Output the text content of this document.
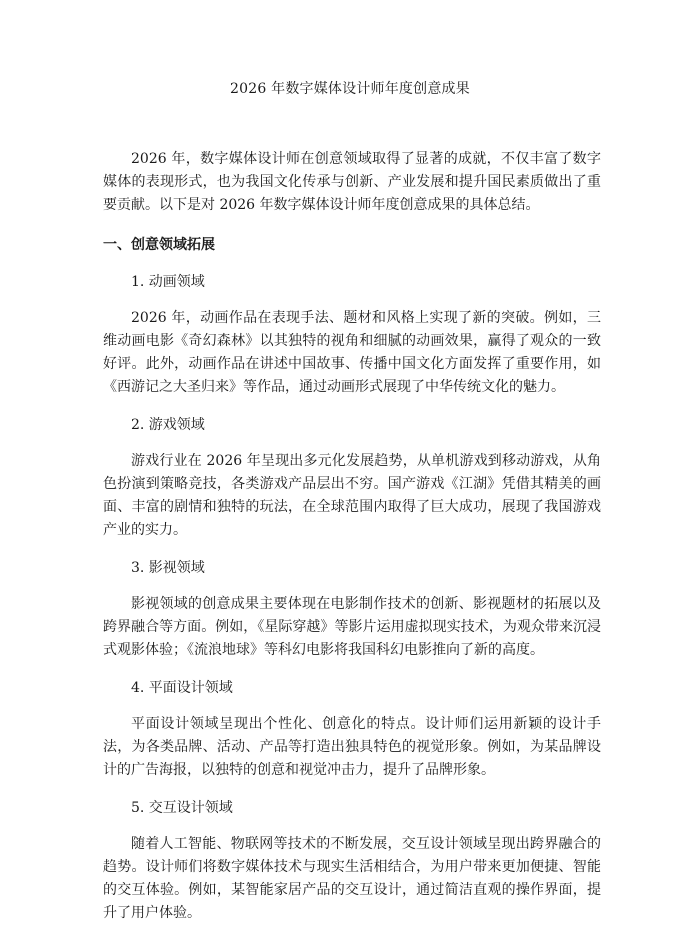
2026 年数字媒体设计师年度创意成果

2026 年，数字媒体设计师在创意领域取得了显著的成就，不仅丰富了数字媒体的表现形式，也为我国文化传承与创新、产业发展和提升国民素质做出了重要贡献。以下是对 2026 年数字媒体设计师年度创意成果的具体总结。

一、创意领域拓展
1. 动画领域

2026 年，动画作品在表现手法、题材和风格上实现了新的突破。例如，三维动画电影《奇幻森林》以其独特的视角和细腻的动画效果，赢得了观众的一致好评。此外，动画作品在讲述中国故事、传播中国文化方面发挥了重要作用，如《西游记之大圣归来》等作品，通过动画形式展现了中华传统文化的魅力。

2. 游戏领域

游戏行业在 2026 年呈现出多元化发展趋势，从单机游戏到移动游戏，从角色扮演到策略竞技，各类游戏产品层出不穷。国产游戏《江湖》凭借其精美的画面、丰富的剧情和独特的玩法，在全球范围内取得了巨大成功，展现了我国游戏产业的实力。

3. 影视领域

影视领域的创意成果主要体现在电影制作技术的创新、影视题材的拓展以及跨界融合等方面。例如，《星际穿越》等影片运用虚拟现实技术，为观众带来沉浸式观影体验；《流浪地球》等科幻电影将我国科幻电影推向了新的高度。

4. 平面设计领域

平面设计领域呈现出个性化、创意化的特点。设计师们运用新颖的设计手法，为各类品牌、活动、产品等打造出独具特色的视觉形象。例如，为某品牌设计的广告海报，以独特的创意和视觉冲击力，提升了品牌形象。

5. 交互设计领域

随着人工智能、物联网等技术的不断发展，交互设计领域呈现出跨界融合的趋势。设计师们将数字媒体技术与现实生活相结合，为用户带来更加便捷、智能的交互体验。例如，某智能家居产品的交互设计，通过简洁直观的操作界面，提升了用户体验。
